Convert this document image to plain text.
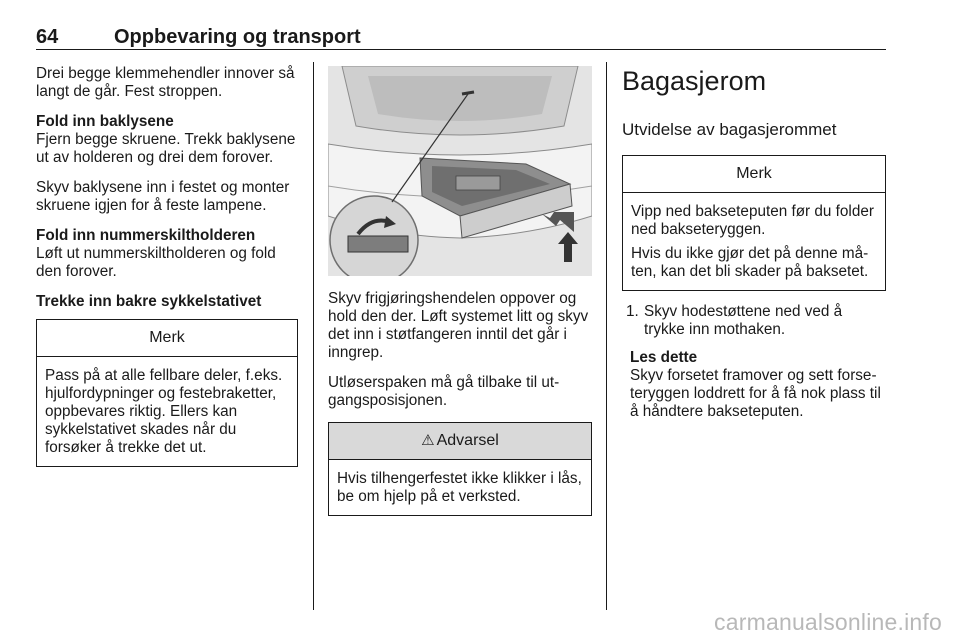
64	Oppbevaring og transport

Drei begge klemmehendler innover så langt de går. Fest stroppen.

Fold inn baklysene

Fjern begge skruene. Trekk baklysene ut av holderen og drei dem forover.

Skyv baklysene inn i festet og monter skruene igjen for å feste lampene.

Fold inn nummerskiltholderen

Løft ut nummerskiltholderen og fold den forover.

Trekke inn bakre sykkelstativet

Merk
Pass på at alle fellbare deler, f.eks. hjulfordypninger og festebraketter, oppbevares riktig. Ellers kan sykkelstativet skades når du forsøker å trekke det ut.

Skyv frigjøringshendelen oppover og hold den der. Løft systemet litt og skyv det inn i støtfangeren inntil det går i inngrep.

Utløserspaken må gå tilbake til utgangsposisjonen.

⚠ Advarsel
Hvis tilhengerfestet ikke klikker i lås, be om hjelp på et verksted.
Bagasjerom
Utvidelse av bagasjerommet
Merk

Vipp ned bakseteputen før du folder ned bakseteryggen.

Hvis du ikke gjør det på denne måten, kan det bli skader på baksetet.

1. Skyv hodestøttene ned ved å trykke inn mothaken.
Les dette
Skyv forsetet framover og sett forseteryggen loddrett for å få nok plass til å håndtere bakseteputen.
carmanualsonline.info
